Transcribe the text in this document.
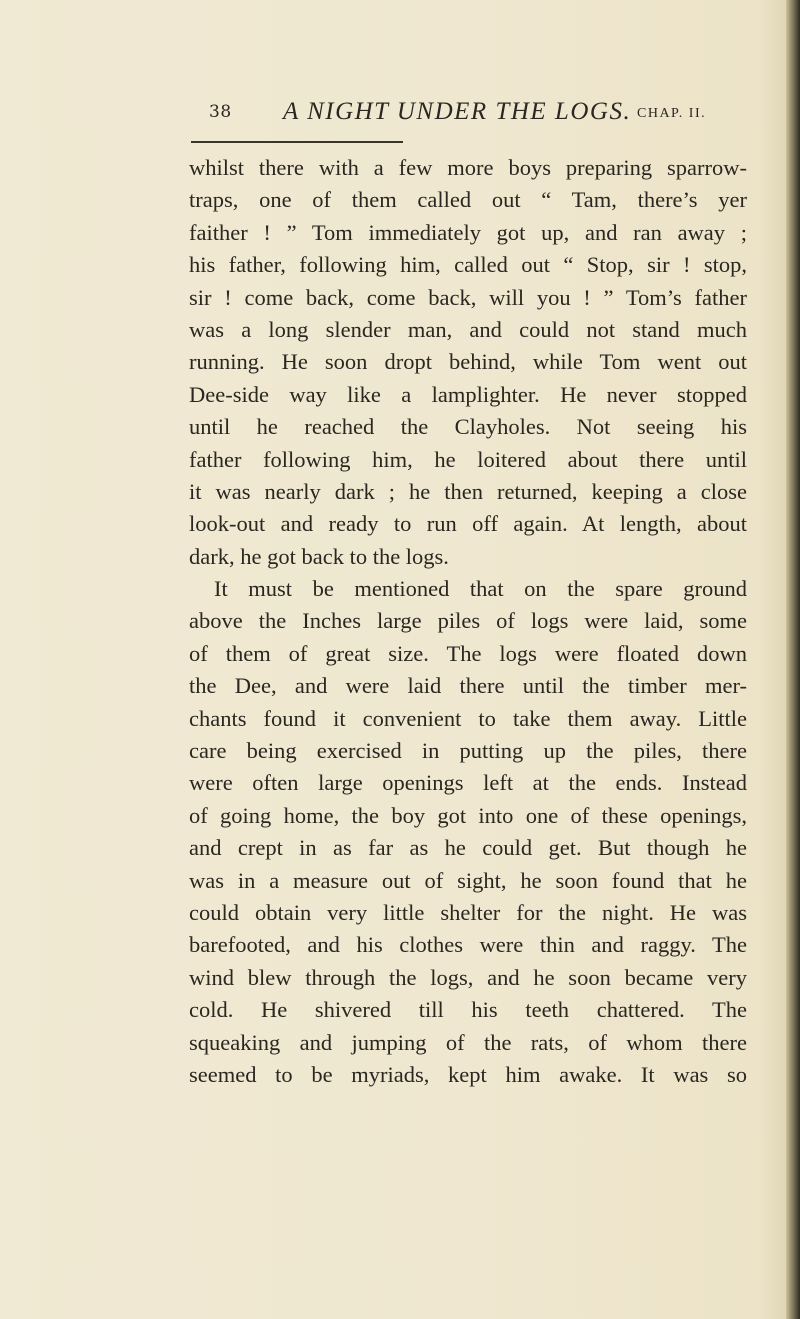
38 A NIGHT UNDER THE LOGS. CHAP. II.
whilst there with a few more boys preparing sparrow-
traps, one of them called out “ Tam, there’s yer
faither ! ” Tom immediately got up, and ran away ;
his father, following him, called out “ Stop, sir ! stop,
sir ! come back, come back, will you ! ” Tom’s father
was a long slender man, and could not stand much
running. He soon dropt behind, while Tom went out
Dee-side way like a lamplighter. He never stopped
until he reached the Clayholes. Not seeing his
father following him, he loitered about there until
it was nearly dark ; he then returned, keeping a close
look-out and ready to run off again. At length, about
dark, he got back to the logs.
It must be mentioned that on the spare ground
above the Inches large piles of logs were laid, some
of them of great size. The logs were floated down
the Dee, and were laid there until the timber mer-
chants found it convenient to take them away. Little
care being exercised in putting up the piles, there
were often large openings left at the ends. Instead
of going home, the boy got into one of these openings,
and crept in as far as he could get. But though he
was in a measure out of sight, he soon found that he
could obtain very little shelter for the night. He was
barefooted, and his clothes were thin and raggy. The
wind blew through the logs, and he soon became very
cold. He shivered till his teeth chattered. The
squeaking and jumping of the rats, of whom there
seemed to be myriads, kept him awake. It was so
